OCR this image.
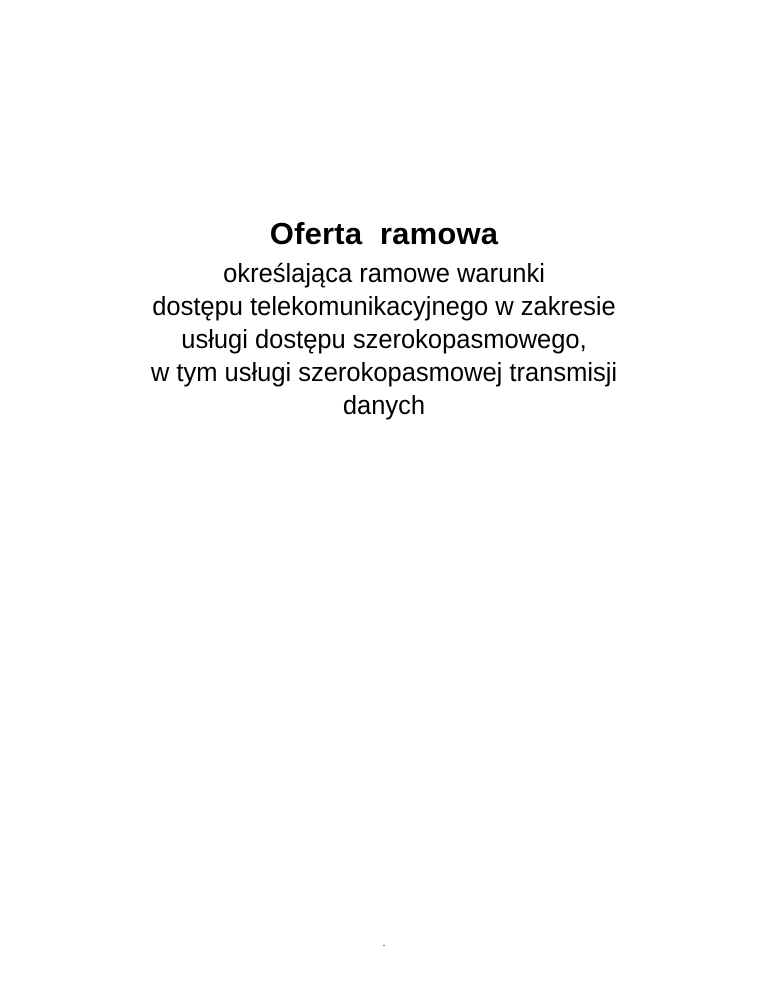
Oferta  ramowa
określająca ramowe warunki
dostępu telekomunikacyjnego w zakresie
usługi dostępu szerokopasmowego,
w tym usługi szerokopasmowej transmisji
danych
.
